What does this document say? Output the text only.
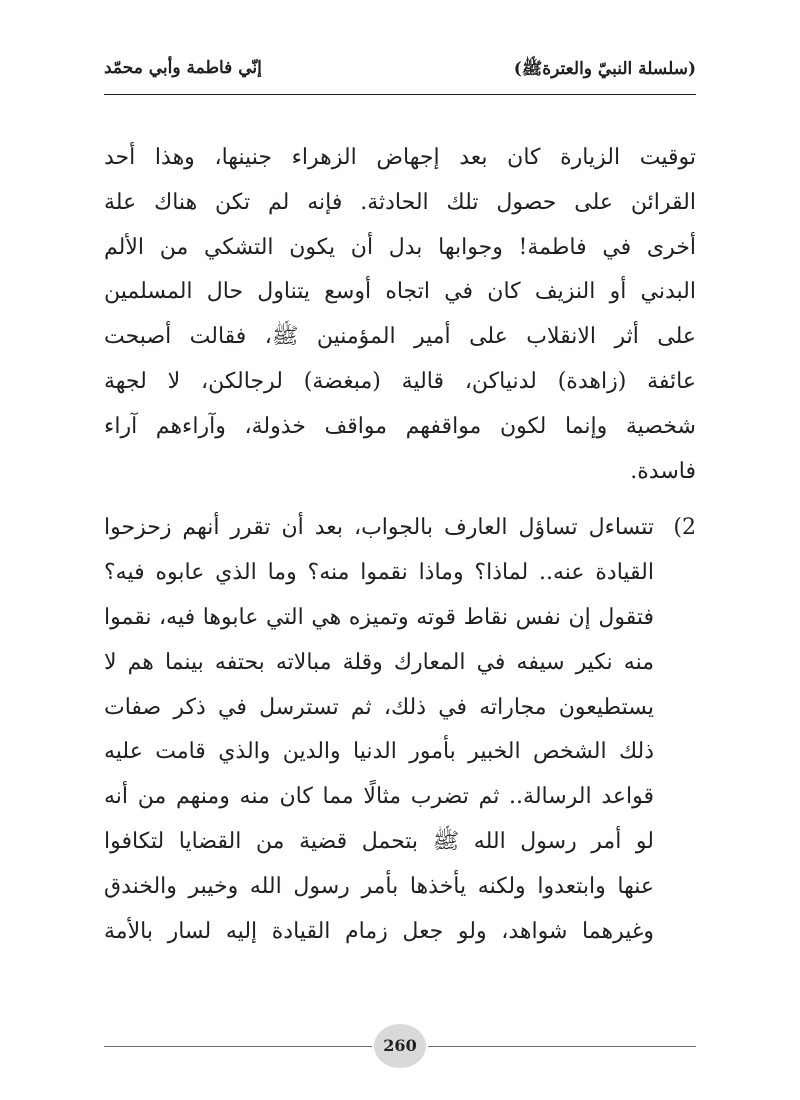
(سلسلة النبيّ والعترةﷺ)
إنّي فاطمة وأبي محمّد
توقيت الزيارة كان بعد إجهاض الزهراء جنينها، وهذا أحد
القرائن على حصول تلك الحادثة. فإنه لم تكن هناك علة
أخرى في فاطمة! وجوابها بدل أن يكون التشكي من الألم
البدني أو النزيف كان في اتجاه أوسع يتناول حال المسلمين
على أثر الانقلاب على أمير المؤمنين ﷺ، فقالت أصبحت
عائفة (زاهدة) لدنياكن، قالية (مبغضة) لرجالكن، لا لجهة
شخصية وإنما لكون مواقفهم مواقف خذولة، وآراءهم آراء
فاسدة.
2)
تتساءل تساؤل العارف بالجواب، بعد أن تقرر أنهم زحزحوا
القيادة عنه.. لماذا؟ وماذا نقموا منه؟ وما الذي عابوه فيه؟
فتقول إن نفس نقاط قوته وتميزه هي التي عابوها فيه، نقموا
منه نكير سيفه في المعارك وقلة مبالاته بحتفه بينما هم لا
يستطيعون مجاراته في ذلك، ثم تسترسل في ذكر صفات
ذلك الشخص الخبير بأمور الدنيا والدين والذي قامت عليه
قواعد الرسالة.. ثم تضرب مثالًا مما كان منه ومنهم من أنه
لو أمر رسول الله ﷺ بتحمل قضية من القضايا لتكافوا
عنها وابتعدوا ولكنه يأخذها بأمر رسول الله وخيبر والخندق
وغيرهما شواهد، ولو جعل زمام القيادة إليه لسار بالأمة
260
